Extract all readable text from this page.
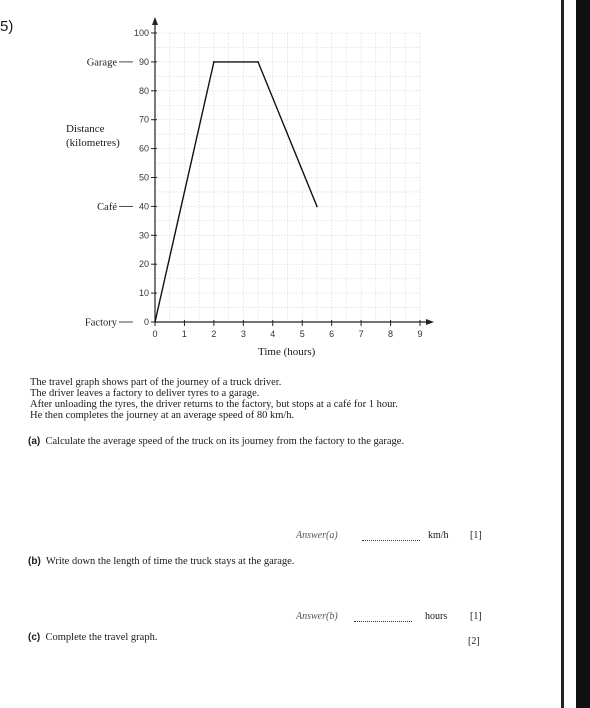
5)
0
10
20
30
40
50
60
70
80
90
100
0	1	2	3	4	5	6	7	8	9
Garage
Café
Factory
Distance
(kilometres)
Time (hours)
The travel graph shows part of the journey of a truck driver.
The driver leaves a factory to deliver tyres to a garage.
After unloading the tyres, the driver returns to the factory, but stops at a café for 1 hour.
He then completes the journey at an average speed of 80 km/h.
(a) Calculate the average speed of the truck on its journey from the factory to the garage.
Answer(a)	km/h [1]
(b) Write down the length of time the truck stays at the garage.
Answer(b)	hours [1]
(c) Complete the travel graph.	[2]
